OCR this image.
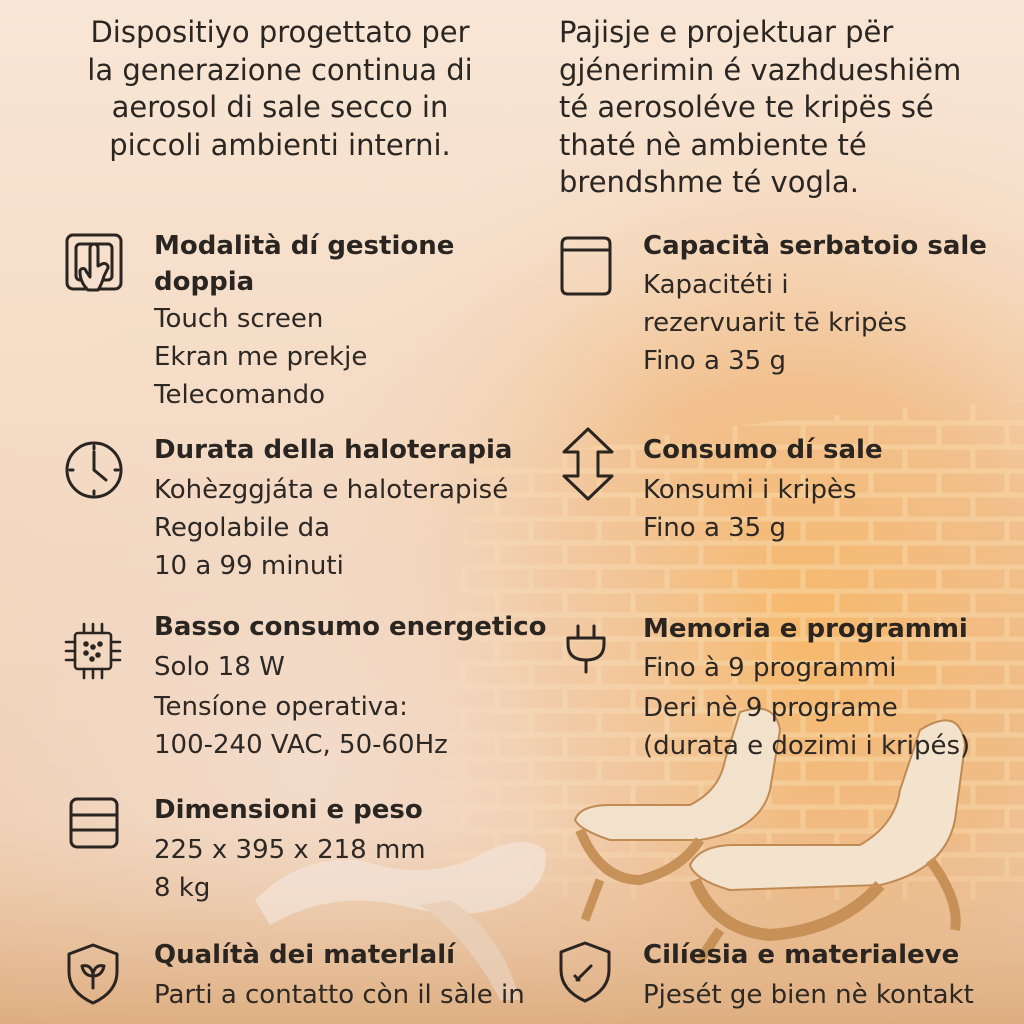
Dispositiyo progettato per
la generazione continua di
aerosol di sale secco in
piccoli ambienti interni.
Pajisje e projektuar për
gjénerimin é vazhdueshiëm
té aerosoléve te kripës sé
thaté nè ambiente té
brendshme té vogla.
Modalità dí gestione
doppia
Touch screen
Ekran me prekje
Telecomando
Durata della haloterapia
Kohèzggjáta e haloterapisé
Regolabile da
10 a 99 minuti
Basso consumo energetico
Solo 18 W
Tensíone operativa:
100-240 VAC, 50-60Hz
Dimensioni e peso
225 x 395 x 218 mm
8 kg
Qualítà dei materlalí
Parti a contatto còn il sàle in
Capacità serbatoio sale
Kapacitéti i
rezervuarit tē kripės
Fino a 35 g
Consumo dí sale
Konsumi i kripès
Fino a 35 g
Memoria e programmi
Fino à 9 programmi
Deri nè 9 programe
(durata e dozimi i kripés)
Cilíesia e materialeve
Pjesét ge bien nè kontakt
